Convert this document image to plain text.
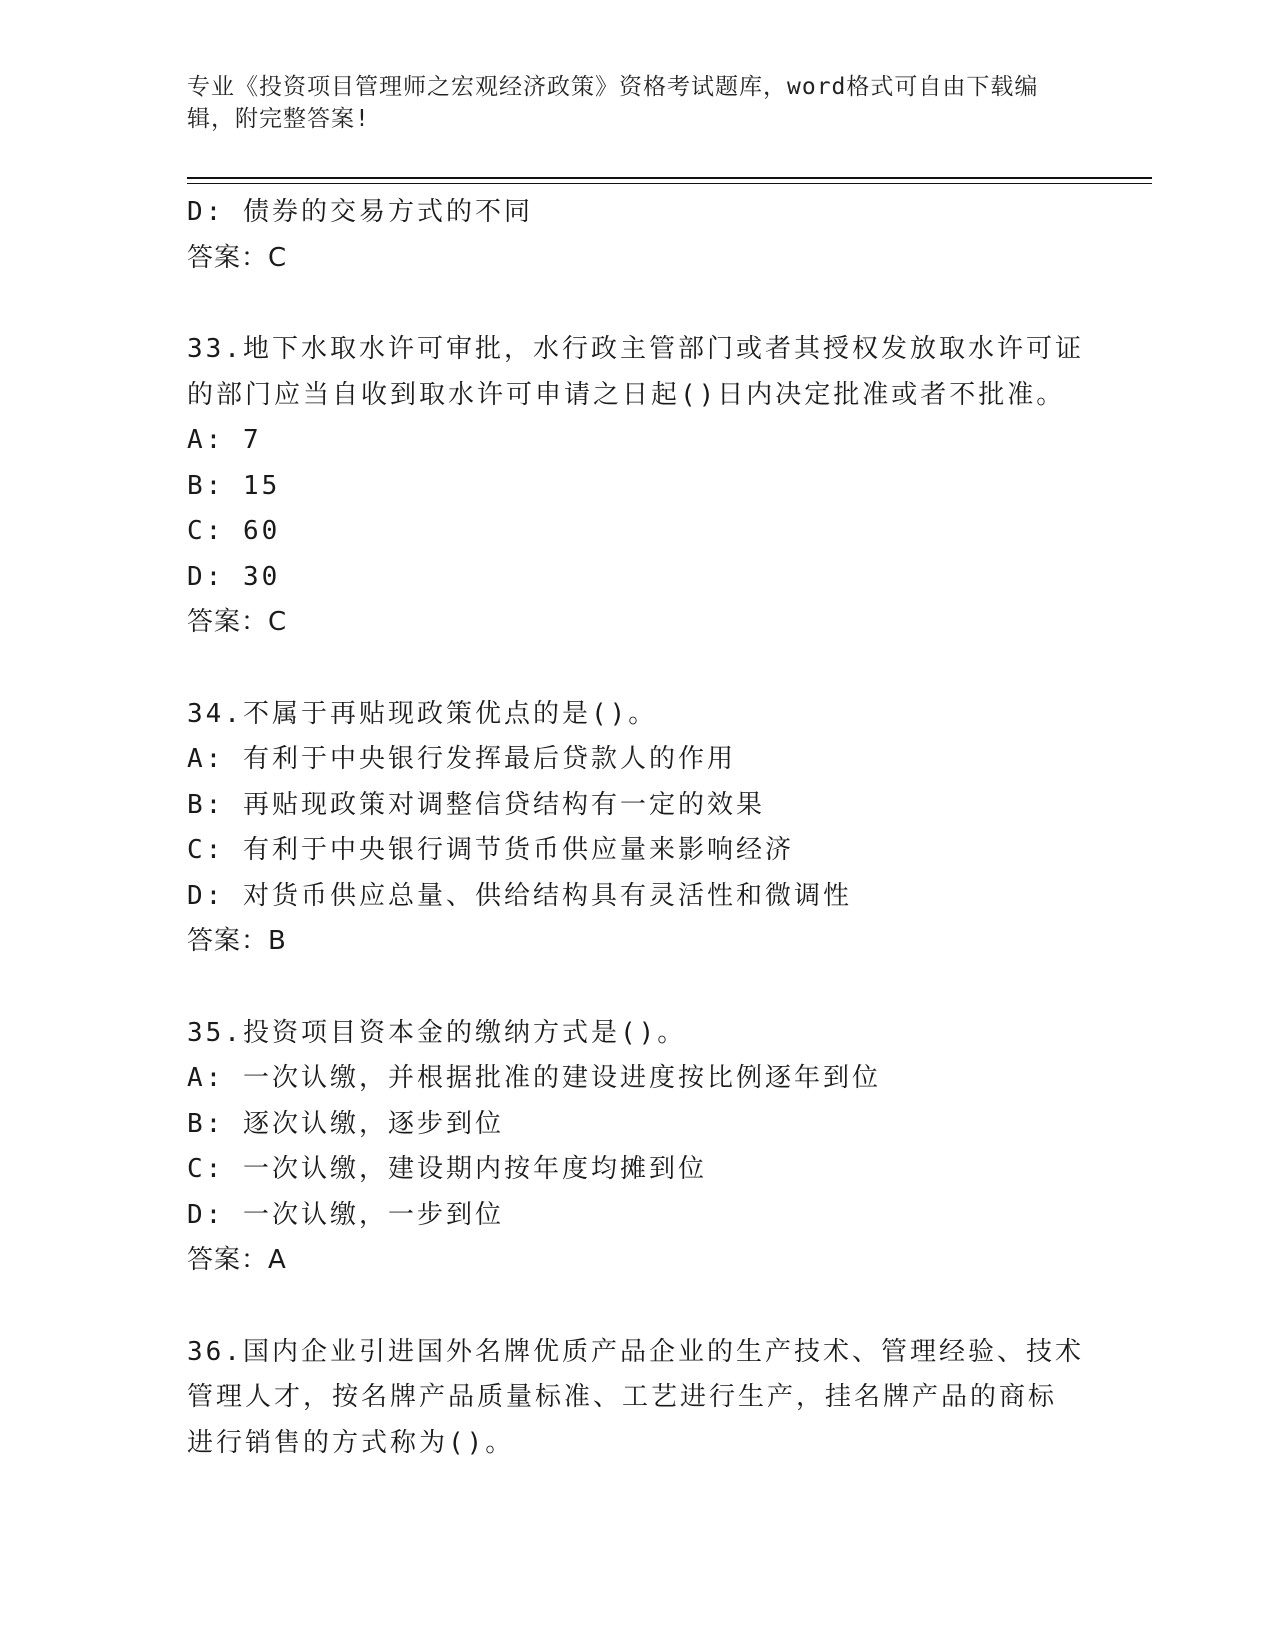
专业《投资项目管理师之宏观经济政策》资格考试题库，word格式可自由下载编
辑，附完整答案!
D: 债券的交易方式的不同
答案：C
33.地下水取水许可审批，水行政主管部门或者其授权发放取水许可证
的部门应当自收到取水许可申请之日起()日内决定批准或者不批准。
A: 7
B: 15
C: 60
D: 30
答案：C
34.不属于再贴现政策优点的是()。
A: 有利于中央银行发挥最后贷款人的作用
B: 再贴现政策对调整信贷结构有一定的效果
C: 有利于中央银行调节货币供应量来影响经济
D: 对货币供应总量、供给结构具有灵活性和微调性
答案：B
35.投资项目资本金的缴纳方式是()。
A: 一次认缴，并根据批准的建设进度按比例逐年到位
B: 逐次认缴，逐步到位
C: 一次认缴，建设期内按年度均摊到位
D: 一次认缴，一步到位
答案：A
36.国内企业引进国外名牌优质产品企业的生产技术、管理经验、技术
管理人才，按名牌产品质量标准、工艺进行生产，挂名牌产品的商标
进行销售的方式称为()。
